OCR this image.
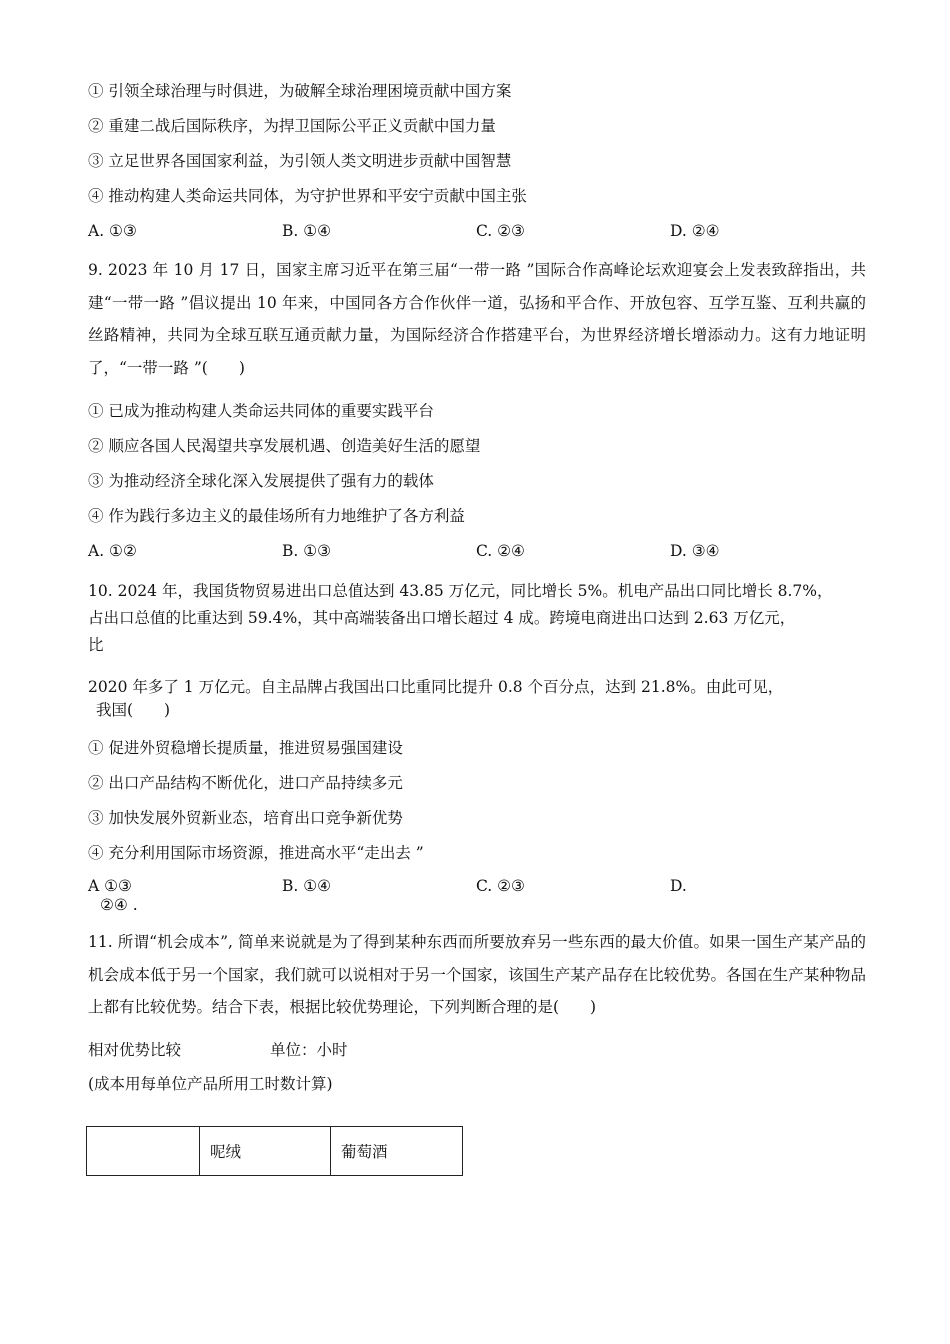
① 引领全球治理与时俱进，为破解全球治理困境贡献中国方案
② 重建二战后国际秩序，为捍卫国际公平正义贡献中国力量
③ 立足世界各国国家利益，为引领人类文明进步贡献中国智慧
④ 推动构建人类命运共同体，为守护世界和平安宁贡献中国主张
A. ①③	B. ①④	C. ②③	D. ②④
9. 2023 年 10 月 17 日，国家主席习近平在第三届“一带一路 ”国际合作高峰论坛欢迎宴会上发表致辞指出，共建“一带一路 ”倡议提出 10 年来，中国同各方合作伙伴一道，弘扬和平合作、开放包容、互学互鉴、互利共赢的丝路精神，共同为全球互联互通贡献力量，为国际经济合作搭建平台，为世界经济增长增添动力。这有力地证明了，“一带一路 ”(　　)
① 已成为推动构建人类命运共同体的重要实践平台
② 顺应各国人民渴望共享发展机遇、创造美好生活的愿望
③ 为推动经济全球化深入发展提供了强有力的载体
④ 作为践行多边主义的最佳场所有力地维护了各方利益
A. ①②	B. ①③	C. ②④	D. ③④
10. 2024 年，我国货物贸易进出口总值达到 43.85 万亿元，同比增长 5%。机电产品出口同比增长 8.7%，
占出口总值的比重达到 59.4%，其中高端装备出口增长超过 4 成。跨境电商进出口达到 2.63 万亿元，
比
2020 年多了 1 万亿元。自主品牌占我国出口比重同比提升 0.8 个百分点，达到 21.8%。由此可见，
我国(　　)
① 促进外贸稳增长提质量，推进贸易强国建设
② 出口产品结构不断优化，进口产品持续多元
③ 加快发展外贸新业态，培育出口竞争新优势
④ 充分利用国际市场资源，推进高水平“走出去 ”
A ①③	B. ①④	C. ②③	D.
②④ .
11. 所谓“机会成本”, 简单来说就是为了得到某种东西而所要放弃另一些东西的最大价值。如果一国生产某产品的机会成本低于另一个国家，我们就可以说相对于另一个国家，该国生产某产品存在比较优势。各国在生产某种物品上都有比较优势。结合下表，根据比较优势理论，下列判断合理的是(　　)
相对优势比较	单位：小时
(成本用每单位产品所用工时数计算)
	呢绒	葡萄酒
